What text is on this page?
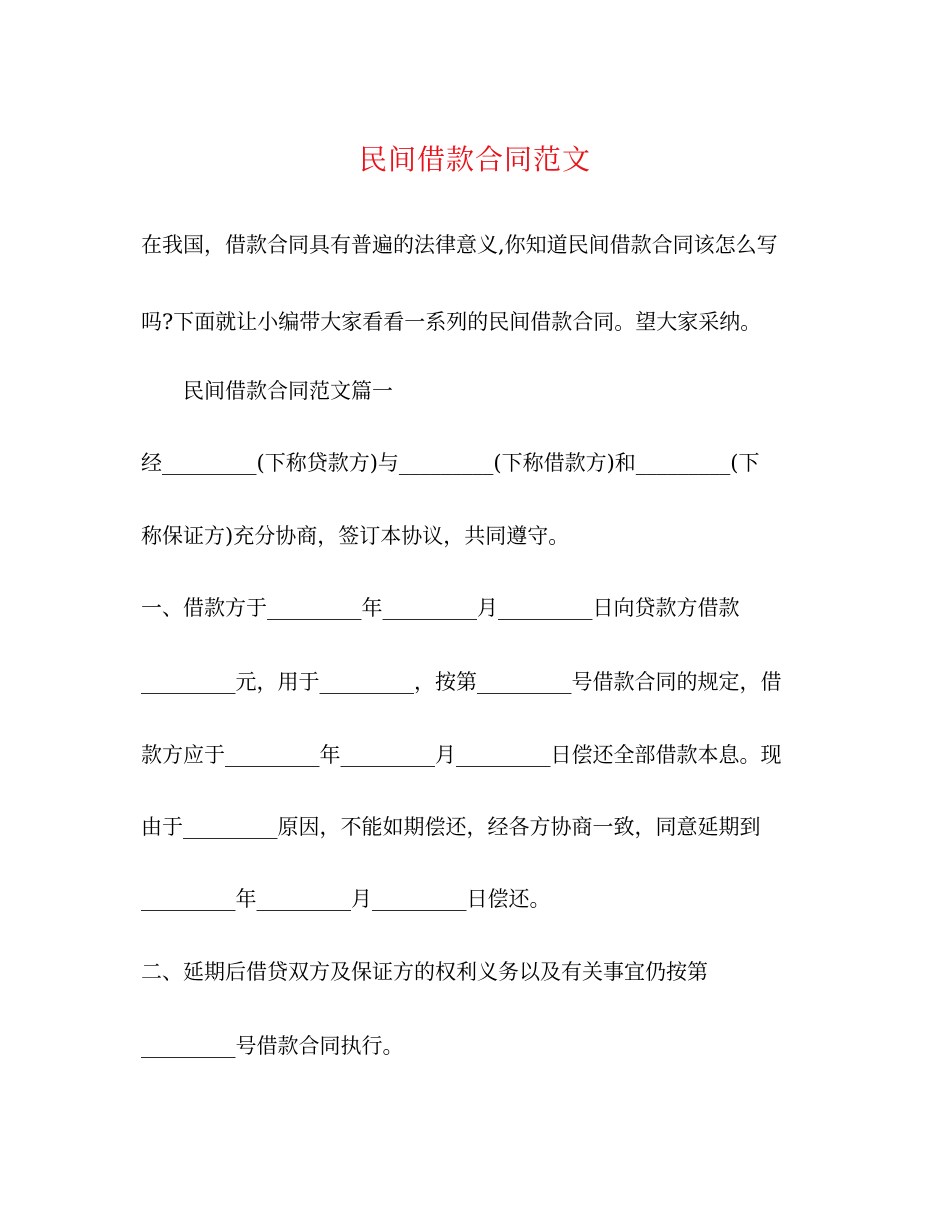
民间借款合同范文
在我国，借款合同具有普遍的法律意义,你知道民间借款合同该怎么写
吗?下面就让小编带大家看看一系列的民间借款合同。望大家采纳。
　　民间借款合同范文篇一
经_________(下称贷款方)与_________(下称借款方)和_________(下
称保证方)充分协商，签订本协议，共同遵守。
一、借款方于_________年_________月_________日向贷款方借款
_________元，用于_________，按第_________号借款合同的规定，借
款方应于_________年_________月_________日偿还全部借款本息。现
由于_________原因，不能如期偿还，经各方协商一致，同意延期到
_________年_________月_________日偿还。
二、延期后借贷双方及保证方的权利义务以及有关事宜仍按第
_________号借款合同执行。
